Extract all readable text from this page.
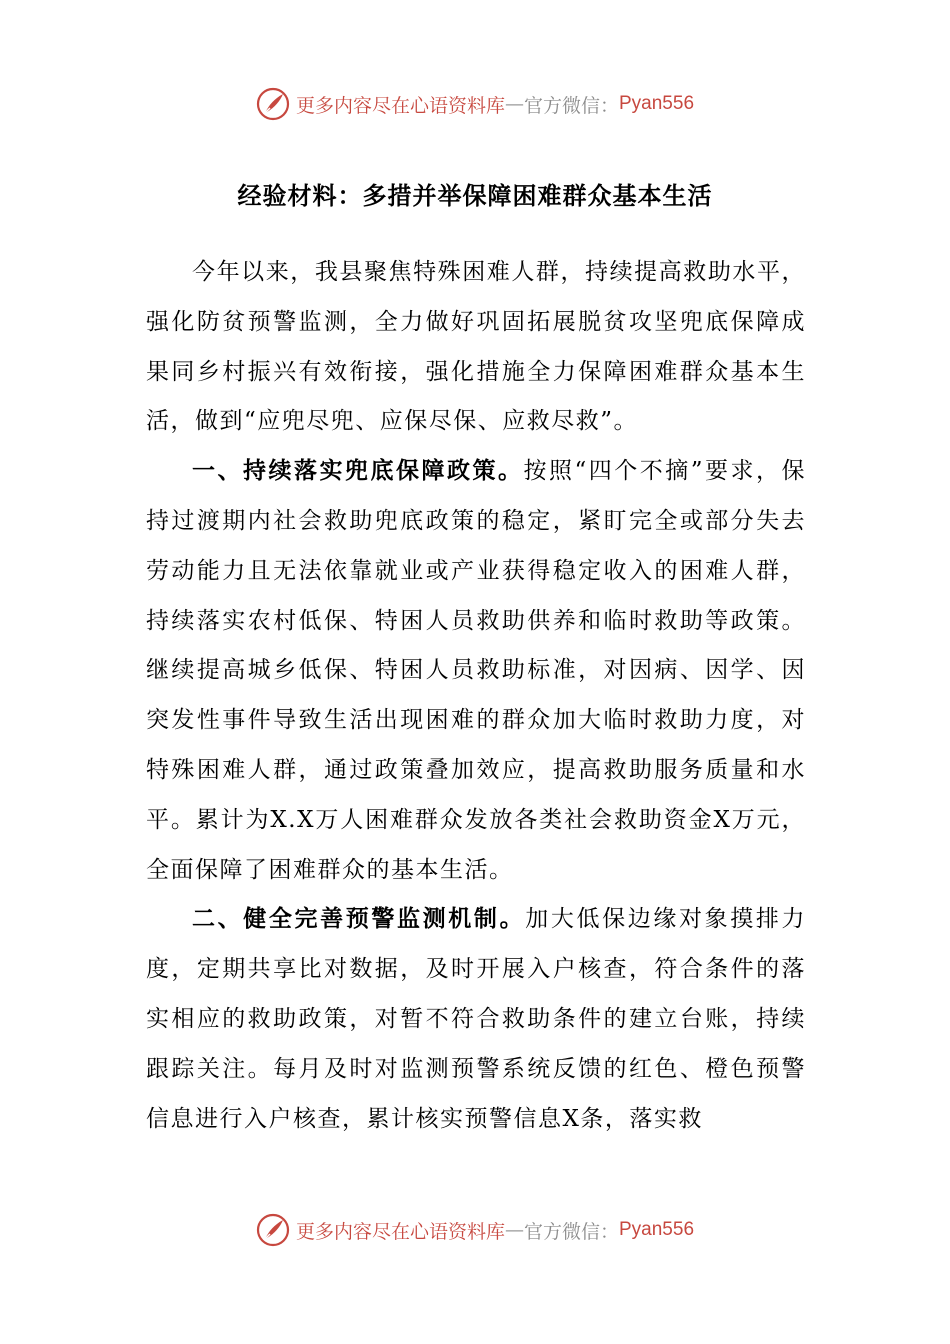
更多内容尽在心语资料库 — 官方微信： Pyan556
经验材料：多措并举保障困难群众基本生活

今年以来，我县聚焦特殊困难人群，持续提高救助水平，强化防贫预警监测，全力做好巩固拓展脱贫攻坚兜底保障成果同乡村振兴有效衔接，强化措施全力保障困难群众基本生活，做到“应兜尽兜、应保尽保、应救尽救”。

一、持续落实兜底保障政策。按照“四个不摘”要求，保持过渡期内社会救助兜底政策的稳定，紧盯完全或部分失去劳动能力且无法依靠就业或产业获得稳定收入的困难人群，持续落实农村低保、特困人员救助供养和临时救助等政策。继续提高城乡低保、特困人员救助标准，对因病、因学、因突发性事件导致生活出现困难的群众加大临时救助力度，对特殊困难人群，通过政策叠加效应，提高救助服务质量和水平。累计为X.X万人困难群众发放各类社会救助资金X万元，全面保障了困难群众的基本生活。

二、健全完善预警监测机制。加大低保边缘对象摸排力度，定期共享比对数据，及时开展入户核查，符合条件的落实相应的救助政策，对暂不符合救助条件的建立台账，持续跟踪关注。每月及时对监测预警系统反馈的红色、橙色预警信息进行入户核查，累计核实预警信息X条，落实救

更多内容尽在心语资料库 — 官方微信： Pyan556
